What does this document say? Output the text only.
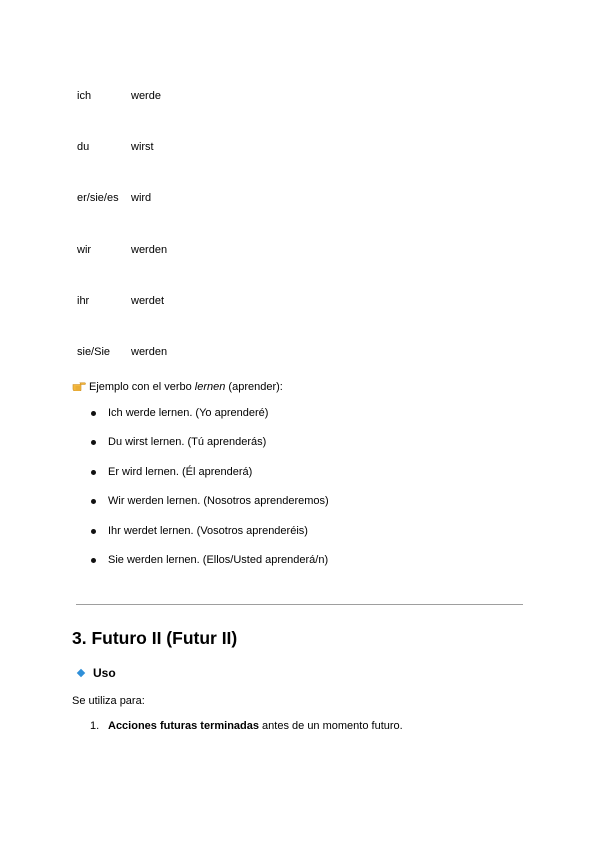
ich	werde
du	wirst
er/sie/es	wird
wir	werden
ihr	werdet
sie/Sie	werden

Ejemplo con el verbo lernen (aprender):

Ich werde lernen. (Yo aprenderé)
Du wirst lernen. (Tú aprenderás)
Er wird lernen. (Él aprenderá)
Wir werden lernen. (Nosotros aprenderemos)
Ihr werdet lernen. (Vosotros aprenderéis)
Sie werden lernen. (Ellos/Usted aprenderá/n)
3. Futuro II (Futur II)
Uso

Se utiliza para:

1. Acciones futuras terminadas antes de un momento futuro.
